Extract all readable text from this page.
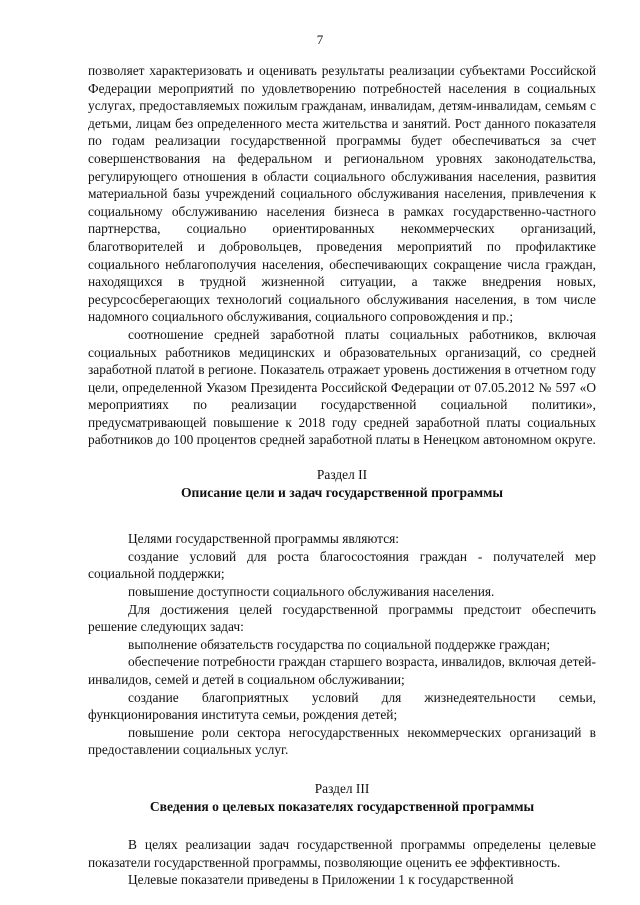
7

позволяет характеризовать и оценивать результаты реализации субъектами Российской Федерации мероприятий по удовлетворению потребностей населения в социальных услугах, предоставляемых пожилым гражданам, инвалидам, детям-инвалидам, семьям с детьми, лицам без определенного места жительства и занятий. Рост данного показателя по годам реализации государственной программы будет обеспечиваться за счет совершенствования на федеральном и региональном уровнях законодательства, регулирующего отношения в области социального обслуживания населения, развития материальной базы учреждений социального обслуживания населения, привлечения к социальному обслуживанию населения бизнеса в рамках государственно-частного партнерства, социально ориентированных некоммерческих организаций, благотворителей и добровольцев, проведения мероприятий по профилактике социального неблагополучия населения, обеспечивающих сокращение числа граждан, находящихся в трудной жизненной ситуации, а также внедрения новых, ресурсосберегающих технологий социального обслуживания населения, в том числе надомного социального обслуживания, социального сопровождения и пр.;

соотношение средней заработной платы социальных работников, включая социальных работников медицинских и образовательных организаций, со средней заработной платой в регионе. Показатель отражает уровень достижения в отчетном году цели, определенной Указом Президента Российской Федерации от 07.05.2012 № 597 «О мероприятиях по реализации государственной социальной политики», предусматривающей повышение к 2018 году средней заработной платы социальных работников до 100 процентов средней заработной платы в Ненецком автономном округе.

Раздел II
Описание цели и задач государственной программы

Целями государственной программы являются:

создание условий для роста благосостояния граждан - получателей мер социальной поддержки;

повышение доступности социального обслуживания населения.

Для достижения целей государственной программы предстоит обеспечить решение следующих задач:

выполнение обязательств государства по социальной поддержке граждан;

обеспечение потребности граждан старшего возраста, инвалидов, включая детей-инвалидов, семей и детей в социальном обслуживании;

создание благоприятных условий для жизнедеятельности семьи, функционирования института семьи, рождения детей;

повышение роли сектора негосударственных некоммерческих организаций в предоставлении социальных услуг.

Раздел III
Сведения о целевых показателях государственной программы

В целях реализации задач государственной программы определены целевые показатели государственной программы, позволяющие оценить ее эффективность.

Целевые показатели приведены в Приложении 1 к государственной
